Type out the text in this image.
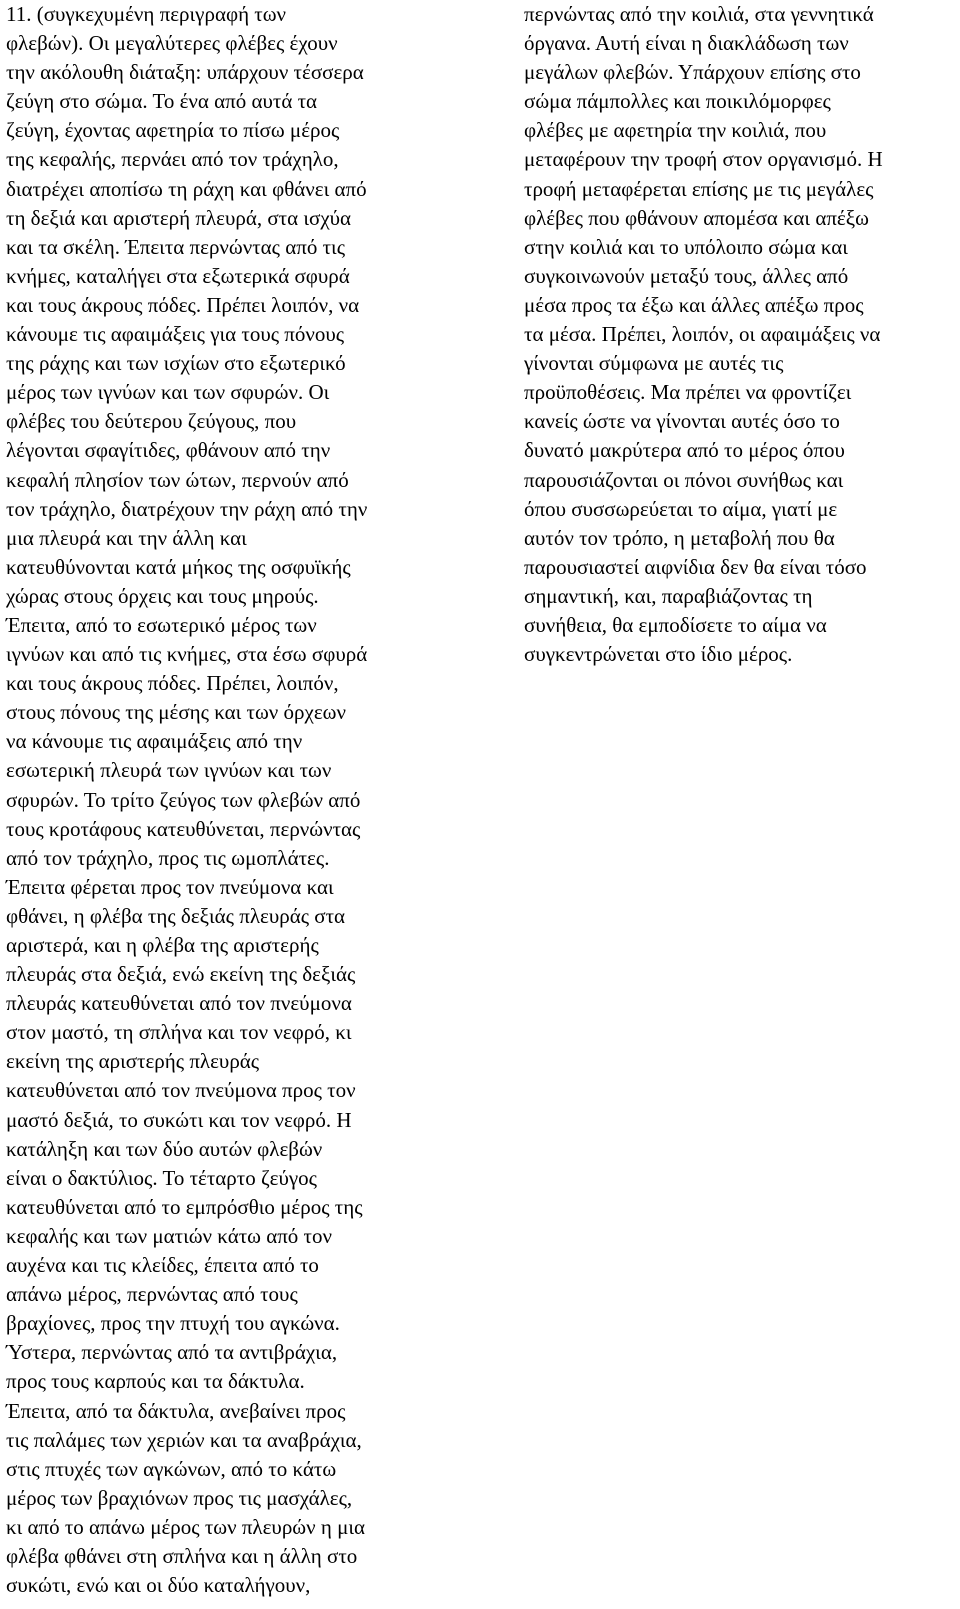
11. (συγκεχυμένη περιγραφή των
φλεβών). Οι μεγαλύτερες φλέβες έχουν
την ακόλουθη διάταξη: υπάρχουν τέσσερα
ζεύγη στο σώμα. Το ένα από αυτά τα
ζεύγη, έχοντας αφετηρία το πίσω μέρος
της κεφαλής, περνάει από τον τράχηλο,
διατρέχει αποπίσω τη ράχη και φθάνει από
τη δεξιά και αριστερή πλευρά, στα ισχύα
και τα σκέλη. Έπειτα περνώντας από τις
κνήμες, καταλήγει στα εξωτερικά σφυρά
και τους άκρους πόδες. Πρέπει λοιπόν, να
κάνουμε τις αφαιμάξεις για τους πόνους
της ράχης και των ισχίων στο εξωτερικό
μέρος των ιγνύων και των σφυρών. Οι
φλέβες του δεύτερου ζεύγους, που
λέγονται σφαγίτιδες, φθάνουν από την
κεφαλή πλησίον των ώτων, περνούν από
τον τράχηλο, διατρέχουν την ράχη από την
μια πλευρά και την άλλη και
κατευθύνονται κατά μήκος της οσφυϊκής
χώρας στους όρχεις και τους μηρούς.
Έπειτα, από το εσωτερικό μέρος των
ιγνύων και από τις κνήμες, στα έσω σφυρά
και τους άκρους πόδες. Πρέπει, λοιπόν,
στους πόνους της μέσης και των όρχεων
να κάνουμε τις αφαιμάξεις από την
εσωτερική πλευρά των ιγνύων και των
σφυρών. Το τρίτο ζεύγος των φλεβών από
τους κροτάφους κατευθύνεται, περνώντας
από τον τράχηλο, προς τις ωμοπλάτες.
Έπειτα φέρεται προς τον πνεύμονα και
φθάνει, η φλέβα της δεξιάς πλευράς στα
αριστερά, και η φλέβα της αριστερής
πλευράς στα δεξιά, ενώ εκείνη της δεξιάς
πλευράς κατευθύνεται από τον πνεύμονα
στον μαστό, τη σπλήνα και τον νεφρό, κι
εκείνη της αριστερής πλευράς
κατευθύνεται από τον πνεύμονα προς τον
μαστό δεξιά, το συκώτι και τον νεφρό. Η
κατάληξη και των δύο αυτών φλεβών
είναι ο δακτύλιος. Το τέταρτο ζεύγος
κατευθύνεται από το εμπρόσθιο μέρος της
κεφαλής και των ματιών κάτω από τον
αυχένα και τις κλείδες, έπειτα από το
απάνω μέρος, περνώντας από τους
βραχίονες, προς την πτυχή του αγκώνα.
Ύστερα, περνώντας από τα αντιβράχια,
προς τους καρπούς και τα δάκτυλα.
Έπειτα, από τα δάκτυλα, ανεβαίνει προς
τις παλάμες των χεριών και τα αναβράχια,
στις πτυχές των αγκώνων, από το κάτω
μέρος των βραχιόνων προς τις μασχάλες,
κι από το απάνω μέρος των πλευρών η μια
φλέβα φθάνει στη σπλήνα και η άλλη στο
συκώτι, ενώ και οι δύο καταλήγουν,

περνώντας από την κοιλιά, στα γεννητικά
όργανα. Αυτή είναι η διακλάδωση των
μεγάλων φλεβών. Υπάρχουν επίσης στο
σώμα πάμπολλες και ποικιλόμορφες
φλέβες με αφετηρία την κοιλιά, που
μεταφέρουν την τροφή στον οργανισμό. Η
τροφή μεταφέρεται επίσης με τις μεγάλες
φλέβες που φθάνουν απομέσα και απέξω
στην κοιλιά και το υπόλοιπο σώμα και
συγκοινωνούν μεταξύ τους, άλλες από
μέσα προς τα έξω και άλλες απέξω προς
τα μέσα. Πρέπει, λοιπόν, οι αφαιμάξεις να
γίνονται σύμφωνα με αυτές τις
προϋποθέσεις. Μα πρέπει να φροντίζει
κανείς ώστε να γίνονται αυτές όσο το
δυνατό μακρύτερα από το μέρος όπου
παρουσιάζονται οι πόνοι συνήθως και
όπου συσσωρεύεται το αίμα, γιατί με
αυτόν τον τρόπο, η μεταβολή που θα
παρουσιαστεί αιφνίδια δεν θα είναι τόσο
σημαντική, και, παραβιάζοντας τη
συνήθεια, θα εμποδίσετε το αίμα να
συγκεντρώνεται στο ίδιο μέρος.
